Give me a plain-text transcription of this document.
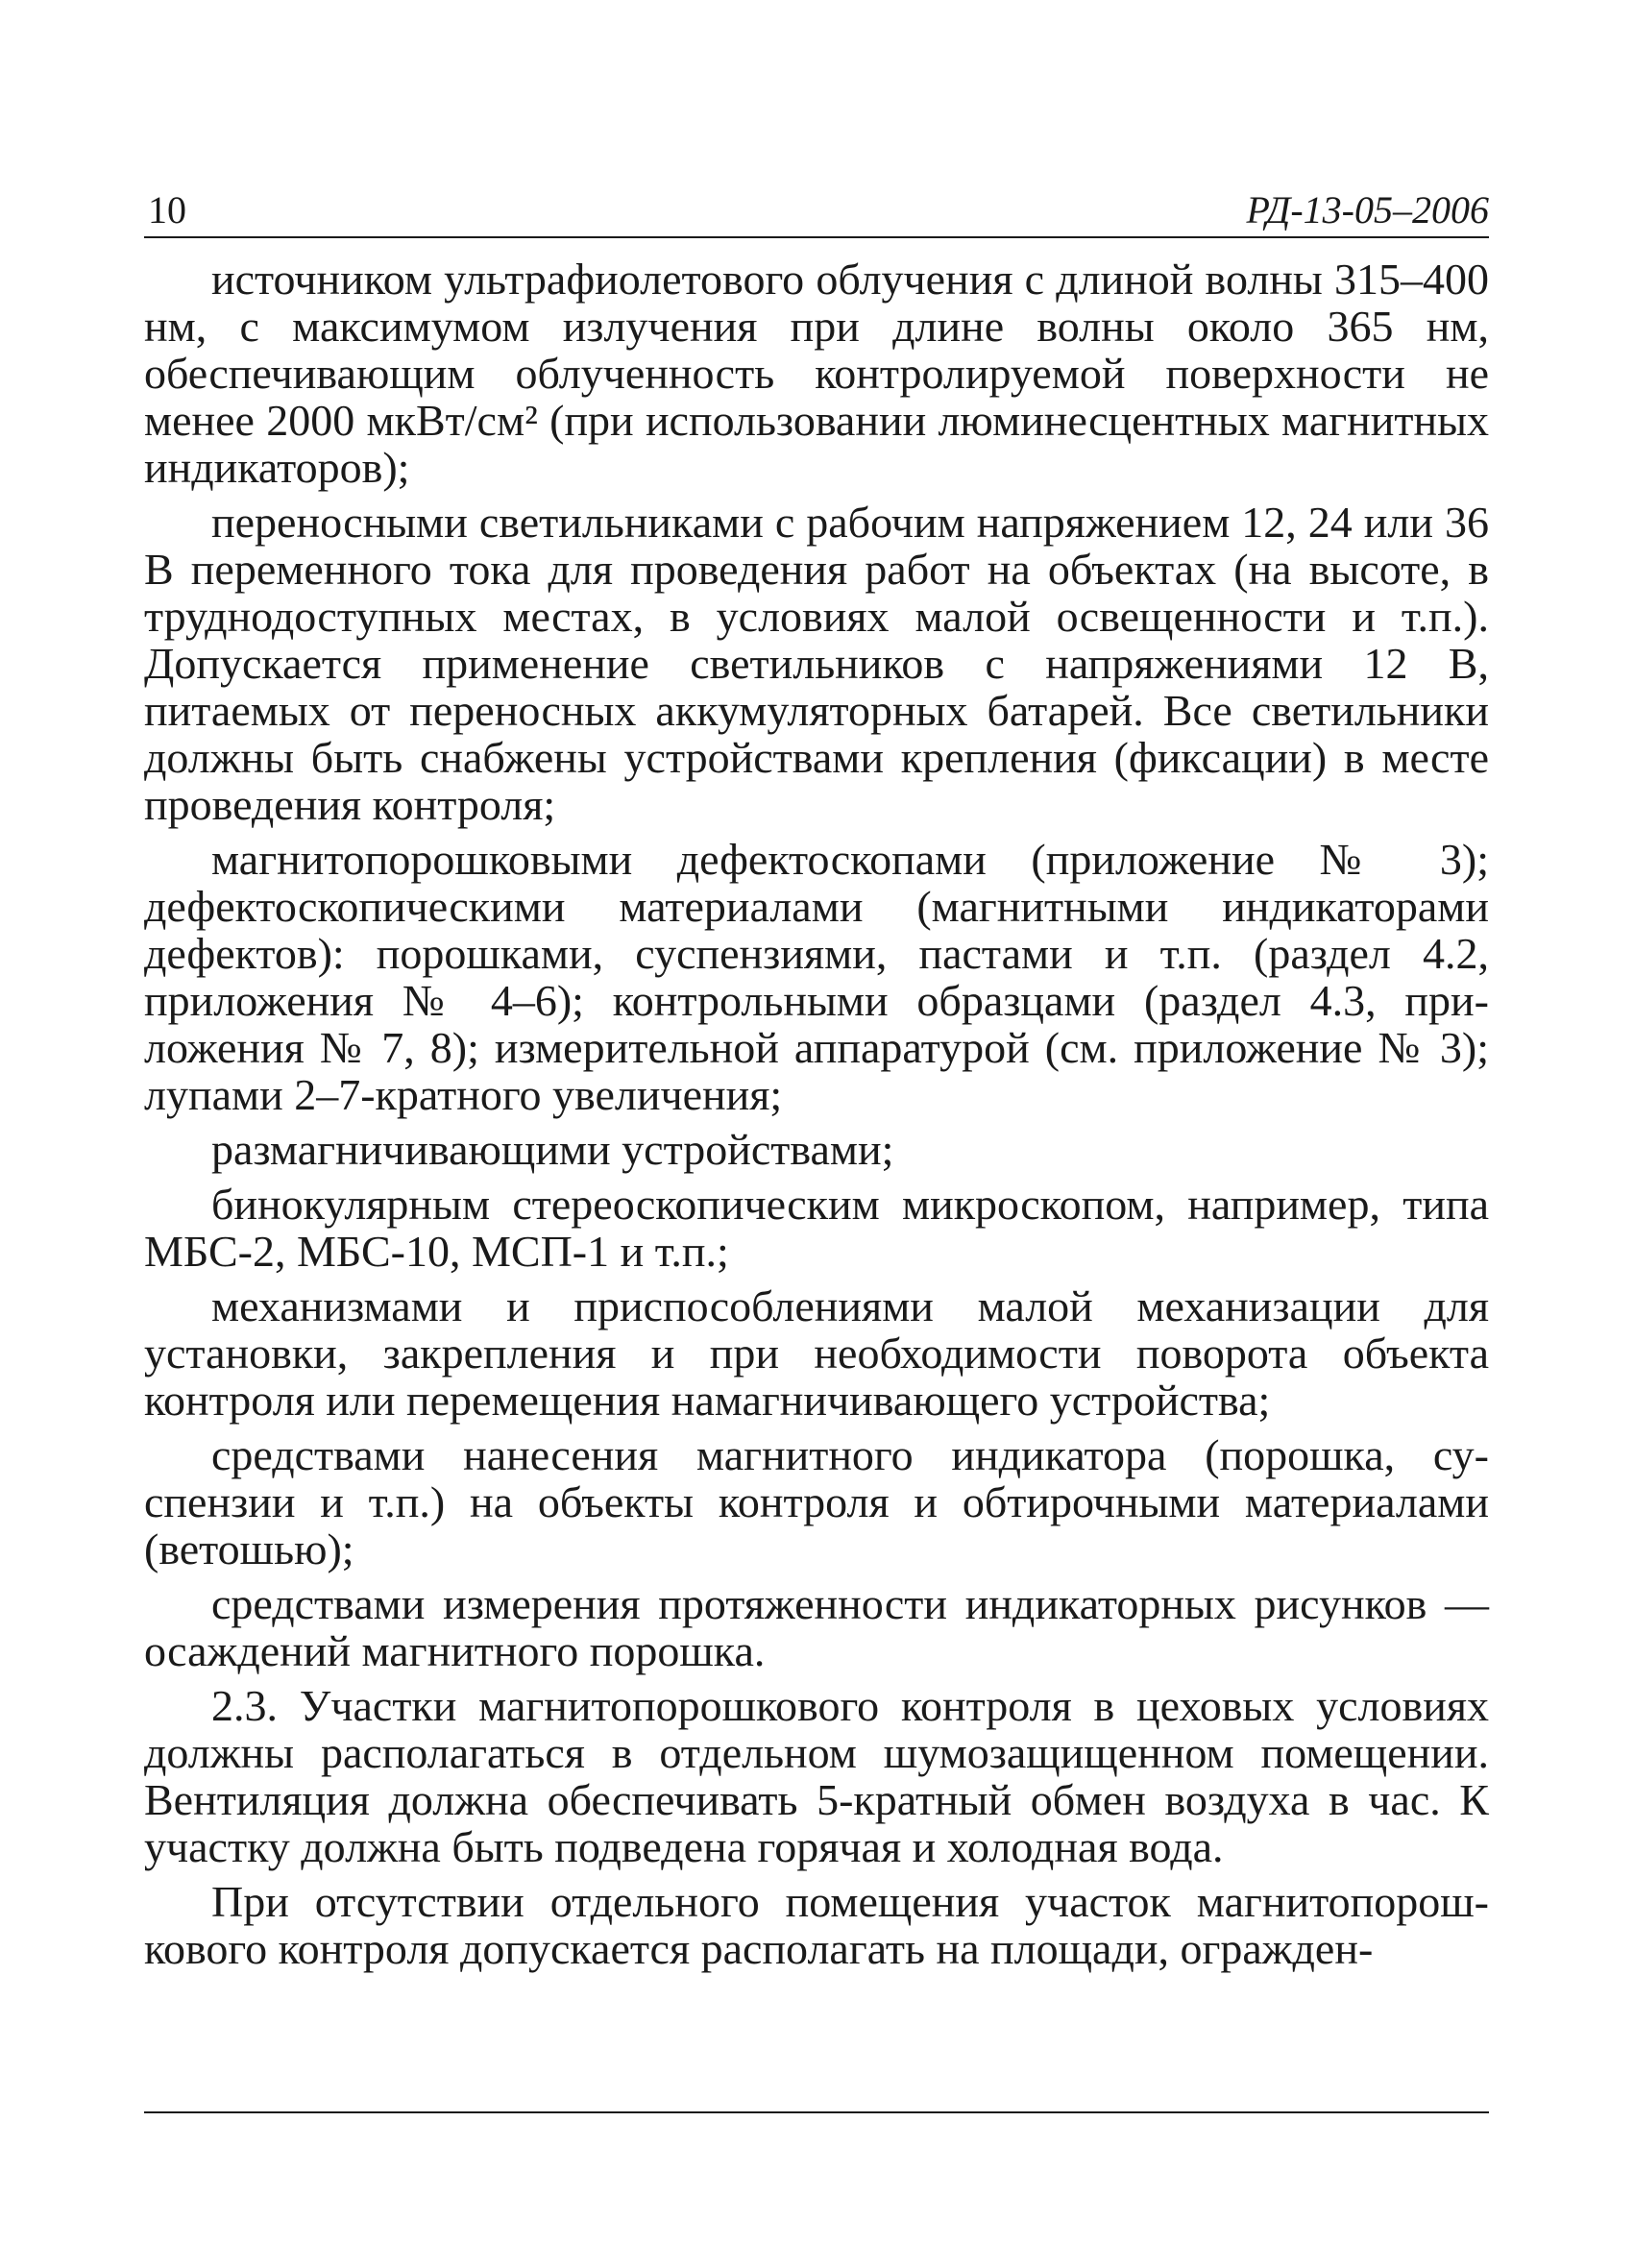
10	РД-13-05–2006

источником ультрафиолетового облучения с длиной волны 315–400 нм, с максимумом излучения при длине волны около 365 нм, обеспечивающим облученность контролируемой поверхности не менее 2000 мкВт/см² (при использовании люминесцентных магнитных индикаторов);

переносными светильниками с рабочим напряжением 12, 24 или 36 В переменного тока для проведения работ на объектах (на высоте, в труднодоступных местах, в условиях малой освещенности и т.п.). Допускается применение светильников с напряжениями 12 В, питаемых от переносных аккумуляторных батарей. Все светильники должны быть снабжены устройствами крепления (фиксации) в месте проведения контроля;

магнитопорошковыми дефектоскопами (приложение № 3); дефектоскопическими материалами (магнитными индикаторами дефектов): порошками, суспензиями, пастами и т.п. (раздел 4.2, приложения № 4–6); контрольными образцами (раздел 4.3, приложения № 7, 8); измерительной аппаратурой (см. приложение № 3); лупами 2–7-кратного увеличения;

размагничивающими устройствами;

бинокулярным стереоскопическим микроскопом, например, типа МБС-2, МБС-10, МСП-1 и т.п.;

механизмами и приспособлениями малой механизации для установки, закрепления и при необходимости поворота объекта контроля или перемещения намагничивающего устройства;

средствами нанесения магнитного индикатора (порошка, суспензии и т.п.) на объекты контроля и обтирочными материалами (ветошью);

средствами измерения протяженности индикаторных рисунков — осаждений магнитного порошка.

2.3. Участки магнитопорошкового контроля в цеховых условиях должны располагаться в отдельном шумозащищенном помещении. Вентиляция должна обеспечивать 5-кратный обмен воздуха в час. К участку должна быть подведена горячая и холодная вода.

При отсутствии отдельного помещения участок магнитопорошкового контроля допускается располагать на площади, огражден-
